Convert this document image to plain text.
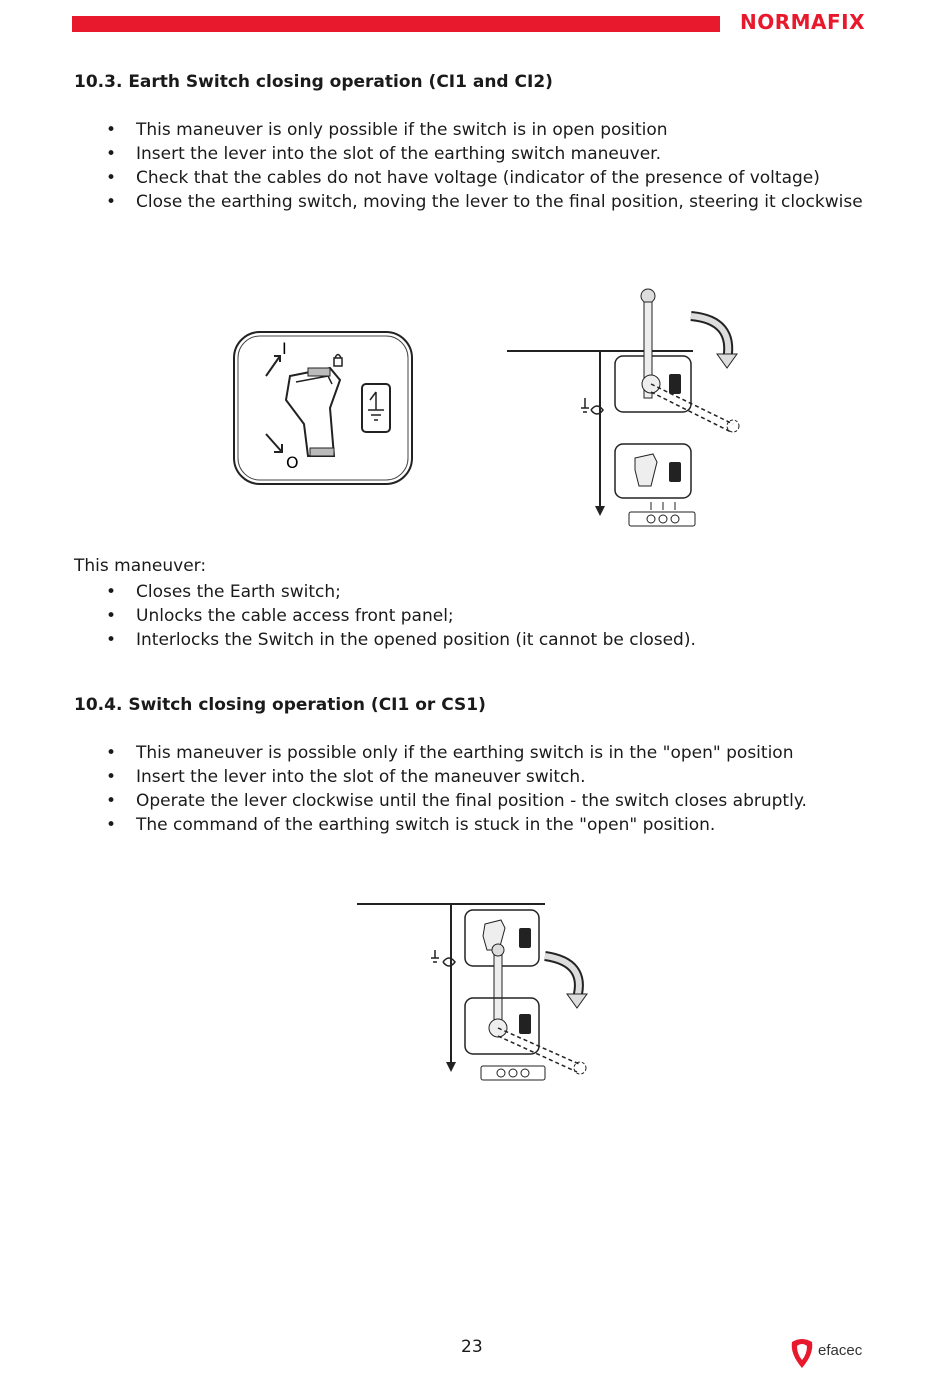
NORMAFIX
10.3. Earth Switch closing operation (CI1 and CI2)
• This maneuver is only possible if the switch is in open position
• Insert the lever into the slot of the earthing switch maneuver.
• Check that the cables do not have voltage (indicator of the presence of voltage)
• Close the earthing switch, moving the lever to the final position, steering it clockwise
I
O
This maneuver:
• Closes the Earth switch;
• Unlocks the cable access front panel;
• Interlocks the Switch in the opened position (it cannot be closed).
10.4. Switch closing operation (CI1 or CS1)
• This maneuver is possible only if the earthing switch is in the "open" position
• Insert the lever into the slot of the maneuver switch.
• Operate the lever clockwise until the final position - the switch closes abruptly.
• The command of the earthing switch is stuck in the "open" position.
23	efacec
